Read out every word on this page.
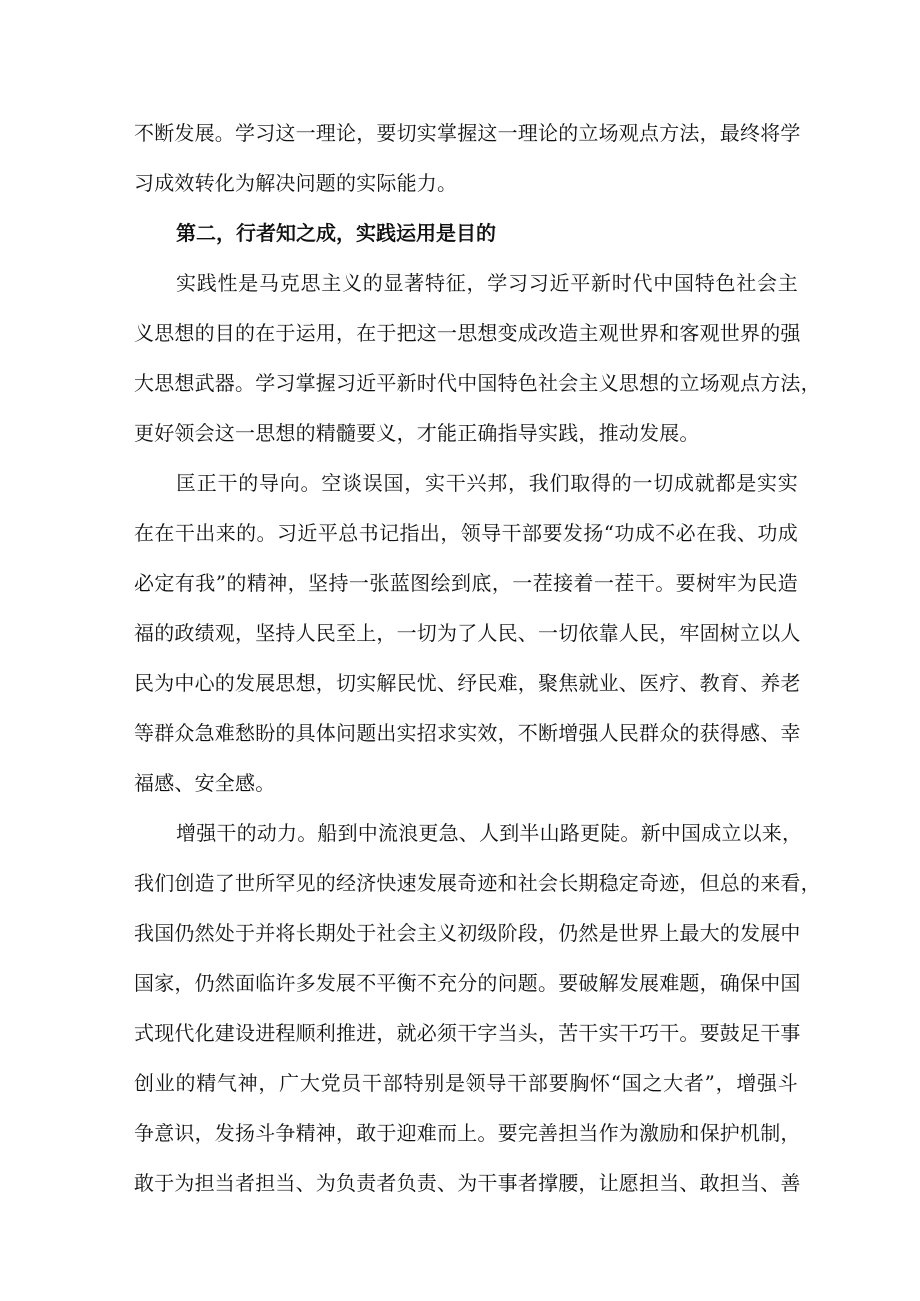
不断发展。学习这一理论，要切实掌握这一理论的立场观点方法，最终将学
习成效转化为解决问题的实际能力。
第二，行者知之成，实践运用是目的
实践性是马克思主义的显著特征，学习习近平新时代中国特色社会主
义思想的目的在于运用，在于把这一思想变成改造主观世界和客观世界的强
大思想武器。学习掌握习近平新时代中国特色社会主义思想的立场观点方法，
更好领会这一思想的精髓要义，才能正确指导实践，推动发展。
匡正干的导向。空谈误国，实干兴邦，我们取得的一切成就都是实实
在在干出来的。习近平总书记指出，领导干部要发扬“功成不必在我、功成
必定有我”的精神，坚持一张蓝图绘到底，一茬接着一茬干。要树牢为民造
福的政绩观，坚持人民至上，一切为了人民、一切依靠人民，牢固树立以人
民为中心的发展思想，切实解民忧、纾民难，聚焦就业、医疗、教育、养老
等群众急难愁盼的具体问题出实招求实效，不断增强人民群众的获得感、幸
福感、安全感。
增强干的动力。船到中流浪更急、人到半山路更陡。新中国成立以来，
我们创造了世所罕见的经济快速发展奇迹和社会长期稳定奇迹，但总的来看，
我国仍然处于并将长期处于社会主义初级阶段，仍然是世界上最大的发展中
国家，仍然面临许多发展不平衡不充分的问题。要破解发展难题，确保中国
式现代化建设进程顺利推进，就必须干字当头，苦干实干巧干。要鼓足干事
创业的精气神，广大党员干部特别是领导干部要胸怀“国之大者”，增强斗
争意识，发扬斗争精神，敢于迎难而上。要完善担当作为激励和保护机制，
敢于为担当者担当、为负责者负责、为干事者撑腰，让愿担当、敢担当、善
